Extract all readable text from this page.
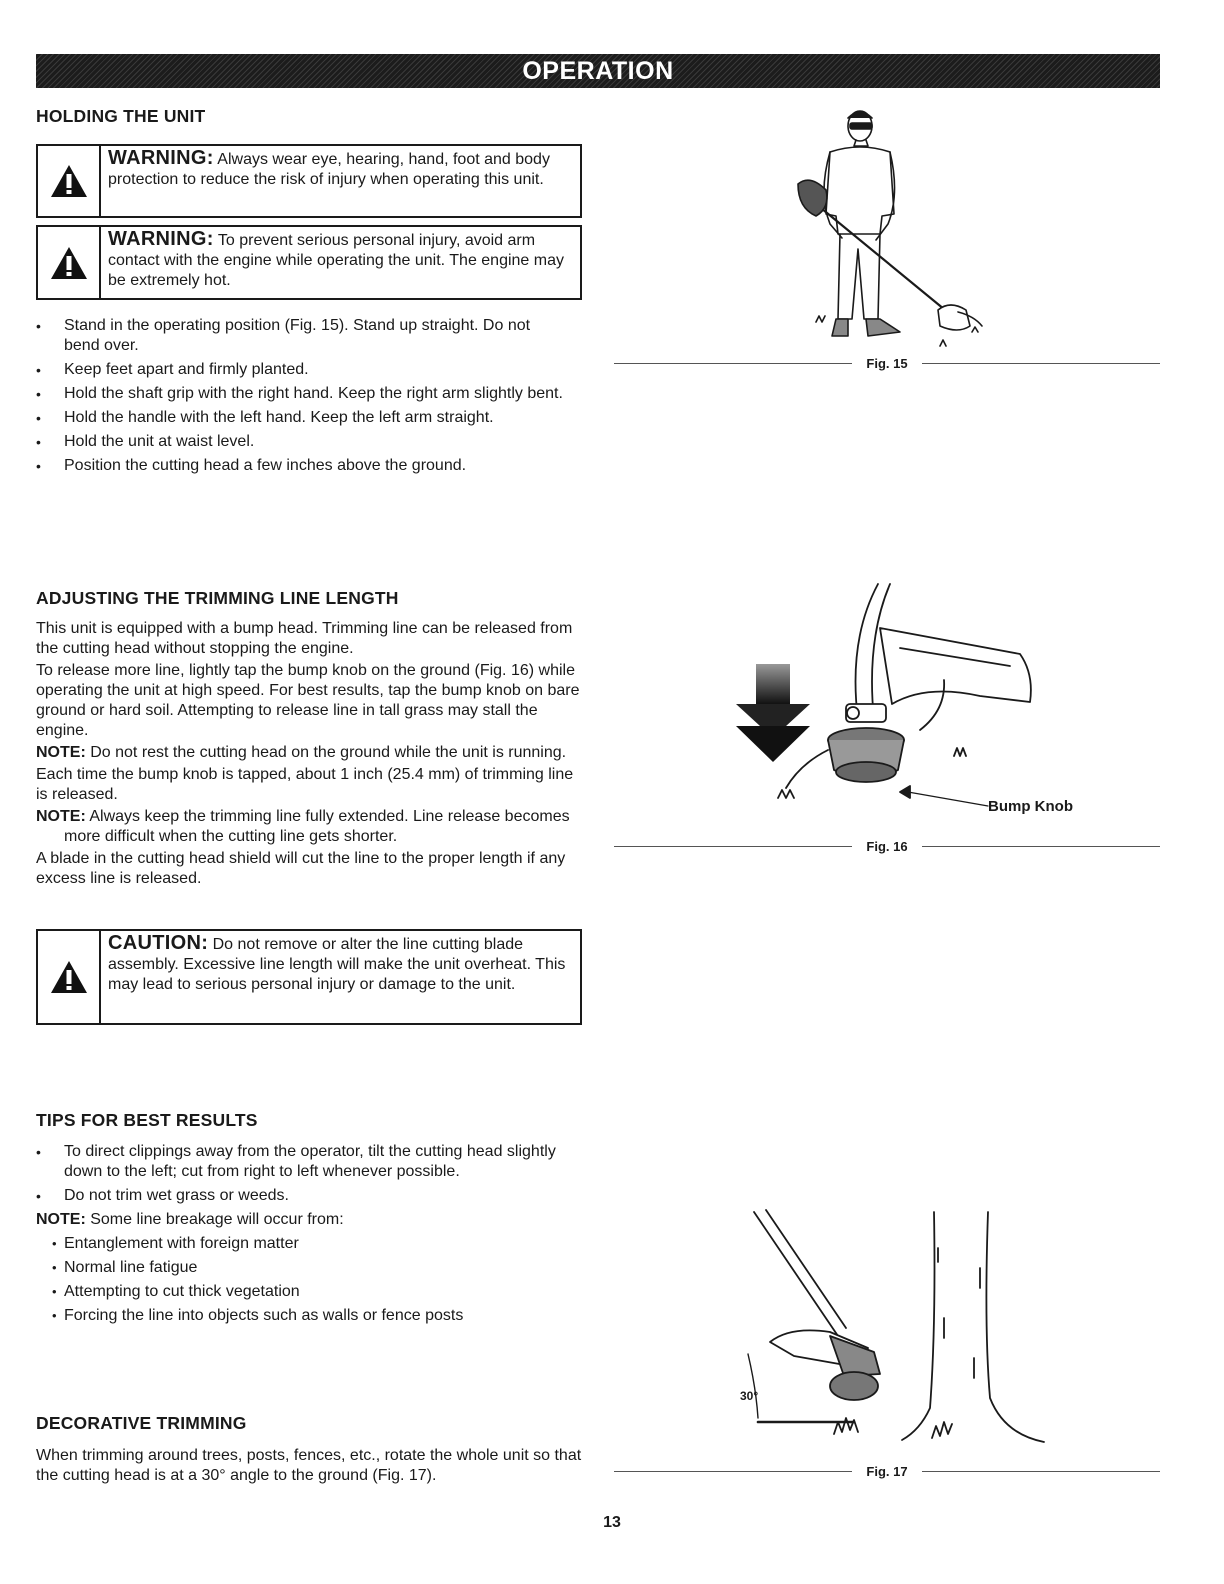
OPERATION
HOLDING THE UNIT
WARNING: Always wear eye, hearing, hand, foot and body protection to reduce the risk of injury when operating this unit.
WARNING: To prevent serious personal injury, avoid arm contact with the engine while operating the unit. The engine may be extremely hot.
• Stand in the operating position (Fig. 15). Stand up straight. Do not bend over.
• Keep feet apart and firmly planted.
• Hold the shaft grip with the right hand. Keep the right arm slightly bent.
• Hold the handle with the left hand. Keep the left arm straight.
• Hold the unit at waist level.
• Position the cutting head a few inches above the ground.
ADJUSTING THE TRIMMING LINE LENGTH

This unit is equipped with a bump head. Trimming line can be released from the cutting head without stopping the engine.

To release more line, lightly tap the bump knob on the ground (Fig. 16) while operating the unit at high speed. For best results, tap the bump knob on bare ground or hard soil. Attempting to release line in tall grass may stall the engine.

NOTE: Do not rest the cutting head on the ground while the unit is running.

Each time the bump knob is tapped, about 1 inch (25.4 mm) of trimming line is released.

NOTE: Always keep the trimming line fully extended. Line release becomes more difficult when the cutting line gets shorter.

A blade in the cutting head shield will cut the line to the proper length if any excess line is released.

CAUTION: Do not remove or alter the line cutting blade assembly. Excessive line length will make the unit overheat. This may lead to serious personal injury or damage to the unit.
TIPS FOR BEST RESULTS
• To direct clippings away from the operator, tilt the cutting head slightly down to the left; cut from right to left whenever possible.
• Do not trim wet grass or weeds.

NOTE: Some line breakage will occur from:

• Entanglement with foreign matter
• Normal line fatigue
• Attempting to cut thick vegetation
• Forcing the line into objects such as walls or fence posts
DECORATIVE TRIMMING

When trimming around trees, posts, fences, etc., rotate the whole unit so that the cutting head is at a 30° angle to the ground (Fig. 17).

Fig. 15
Bump Knob
Fig. 16
30°
Fig. 17
13
